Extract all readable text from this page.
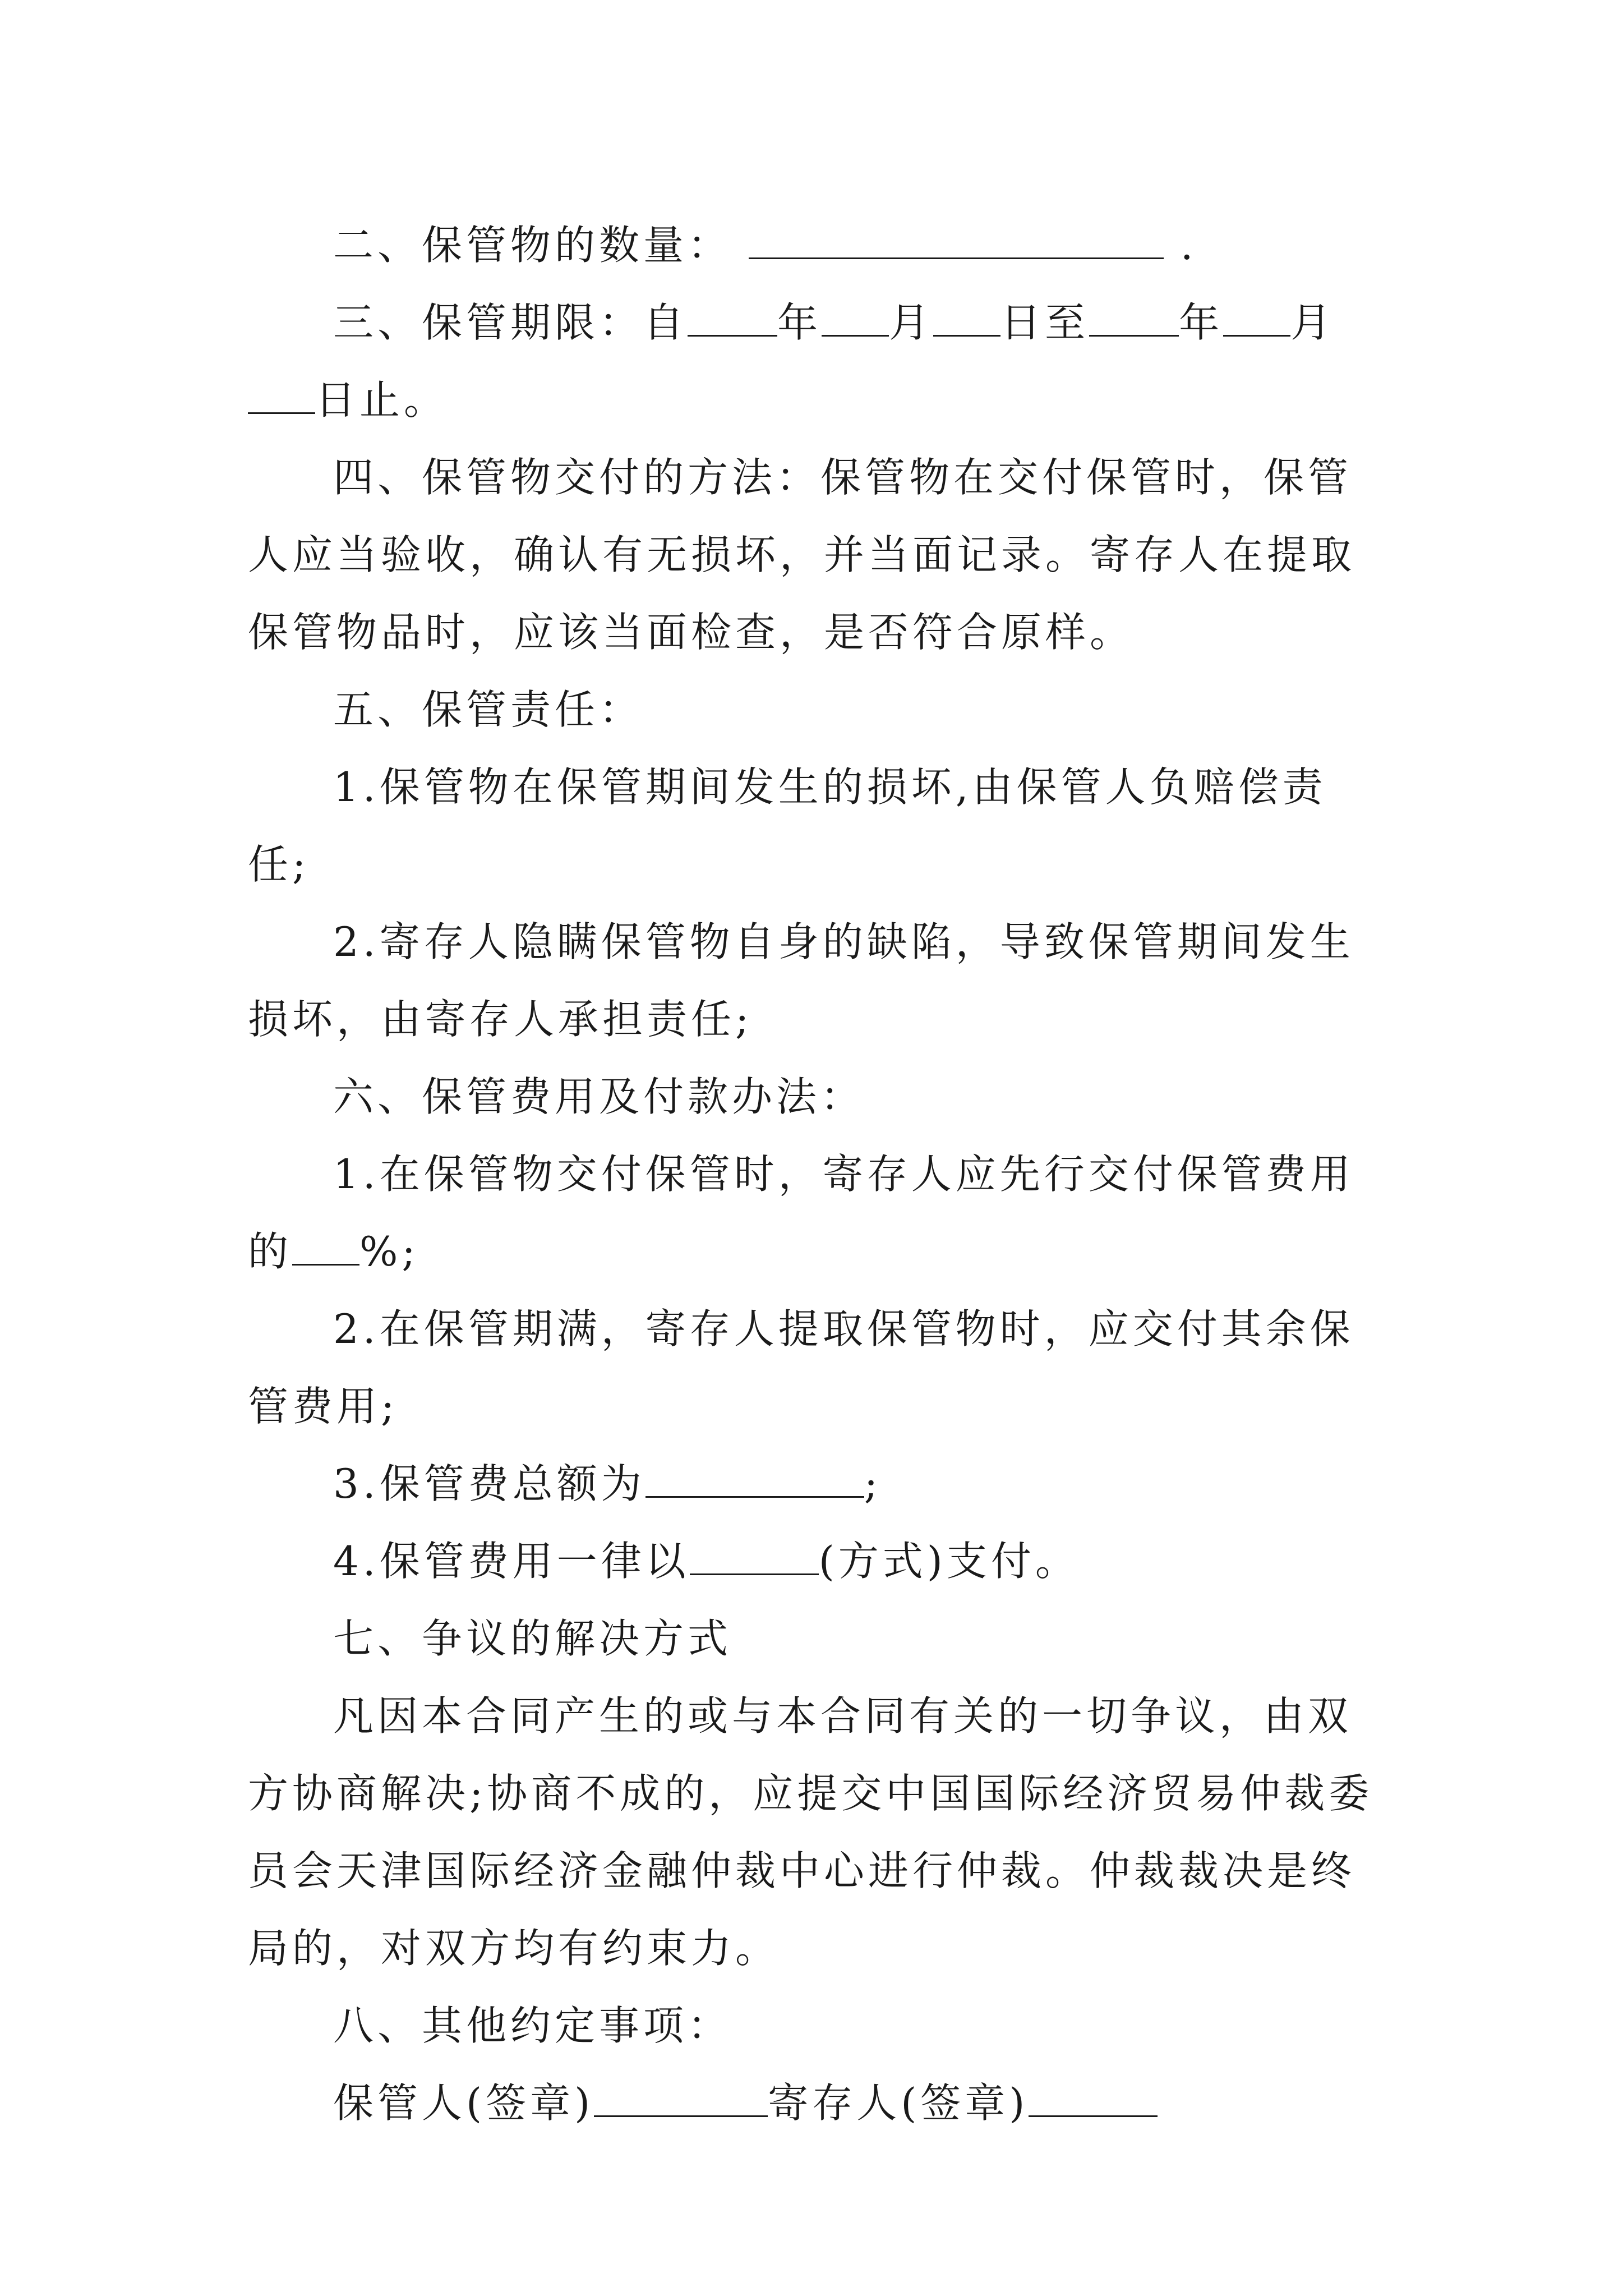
二、保管物的数量：	.

三、保管期限：自 年 月 日至 年 月日止。

四、保管物交付的方法：保管物在交付保管时，保管人应当验收，确认有无损坏，并当面记录。寄存人在提取保管物品时，应该当面检查，是否符合原样。

五、保管责任：

1.保管物在保管期间发生的损坏,由保管人负赔偿责任;

2.寄存人隐瞒保管物自身的缺陷，导致保管期间发生损坏，由寄存人承担责任;

六、保管费用及付款办法：

1.在保管物交付保管时，寄存人应先行交付保管费用的 %;

2.在保管期满，寄存人提取保管物时，应交付其余保管费用;

3.保管费总额为	;

4.保管费用一律以	(方式)支付。

七、争议的解决方式

凡因本合同产生的或与本合同有关的一切争议，由双方协商解决;协商不成的，应提交中国国际经济贸易仲裁委员会天津国际经济金融仲裁中心进行仲裁。仲裁裁决是终局的，对双方均有约束力。

八、其他约定事项：

保管人(签章)	寄存人(签章)
